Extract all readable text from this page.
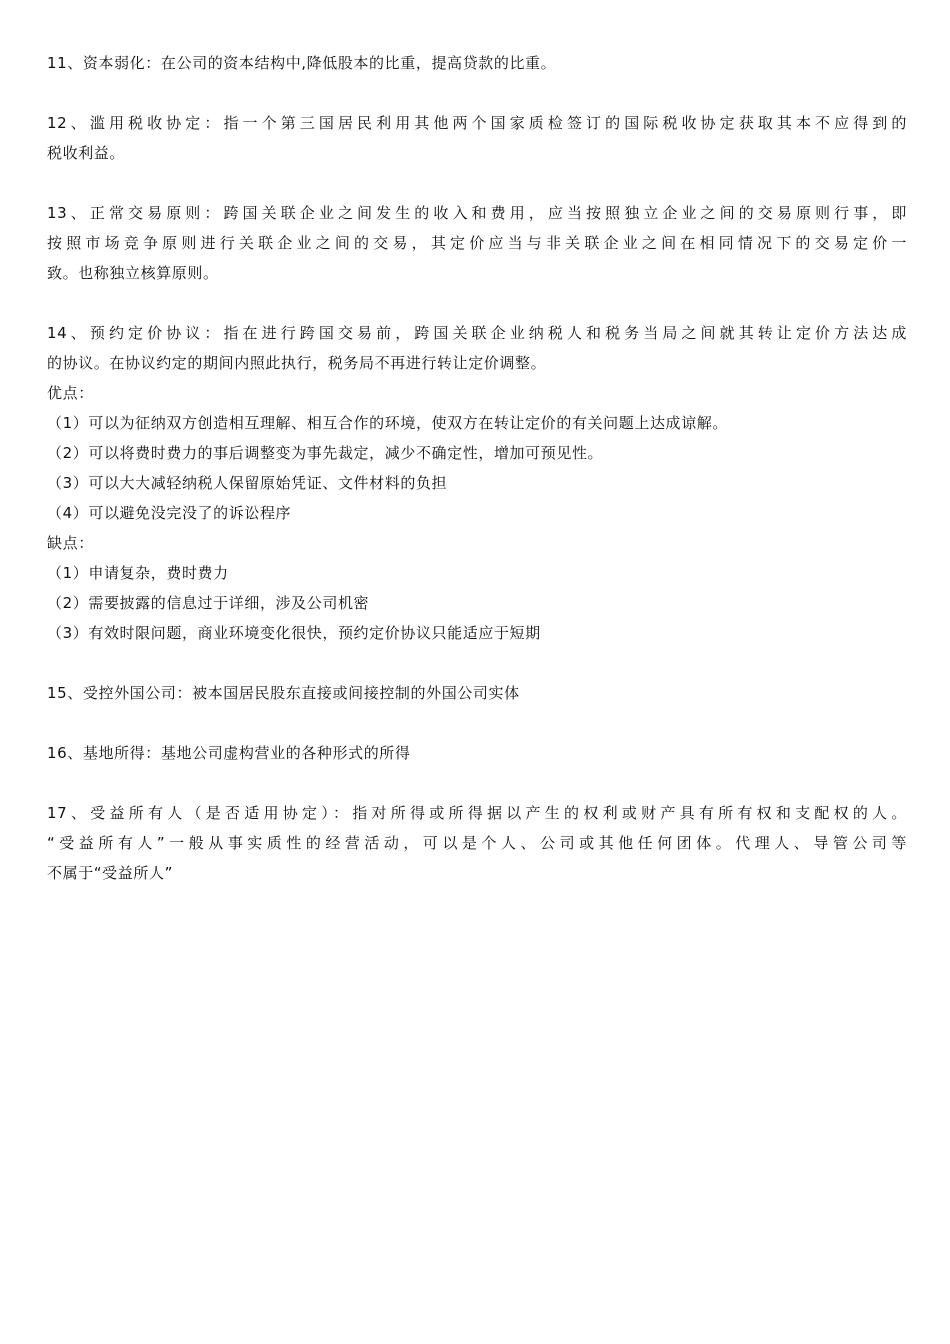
11、资本弱化：在公司的资本结构中,降低股本的比重，提高贷款的比重。

12、滥用税收协定：指一个第三国居民利用其他两个国家质检签订的国际税收协定获取其本不应得到的
税收利益。

13、正常交易原则：跨国关联企业之间发生的收入和费用，应当按照独立企业之间的交易原则行事，即
按照市场竞争原则进行关联企业之间的交易，其定价应当与非关联企业之间在相同情况下的交易定价一
致。也称独立核算原则。

14、预约定价协议：指在进行跨国交易前，跨国关联企业纳税人和税务当局之间就其转让定价方法达成
的协议。在协议约定的期间内照此执行，税务局不再进行转让定价调整。
优点：
（1）可以为征纳双方创造相互理解、相互合作的环境，使双方在转让定价的有关问题上达成谅解。
（2）可以将费时费力的事后调整变为事先裁定，减少不确定性，增加可预见性。
（3）可以大大减轻纳税人保留原始凭证、文件材料的负担
（4）可以避免没完没了的诉讼程序
缺点：
（1）申请复杂，费时费力
（2）需要披露的信息过于详细，涉及公司机密
（3）有效时限问题，商业环境变化很快，预约定价协议只能适应于短期

15、受控外国公司：被本国居民股东直接或间接控制的外国公司实体

16、基地所得：基地公司虚构营业的各种形式的所得

17、受益所有人（是否适用协定）：指对所得或所得据以产生的权利或财产具有所有权和支配权的人。
“受益所有人”一般从事实质性的经营活动，可以是个人、公司或其他任何团体。代理人、导管公司等
不属于“受益所人”
